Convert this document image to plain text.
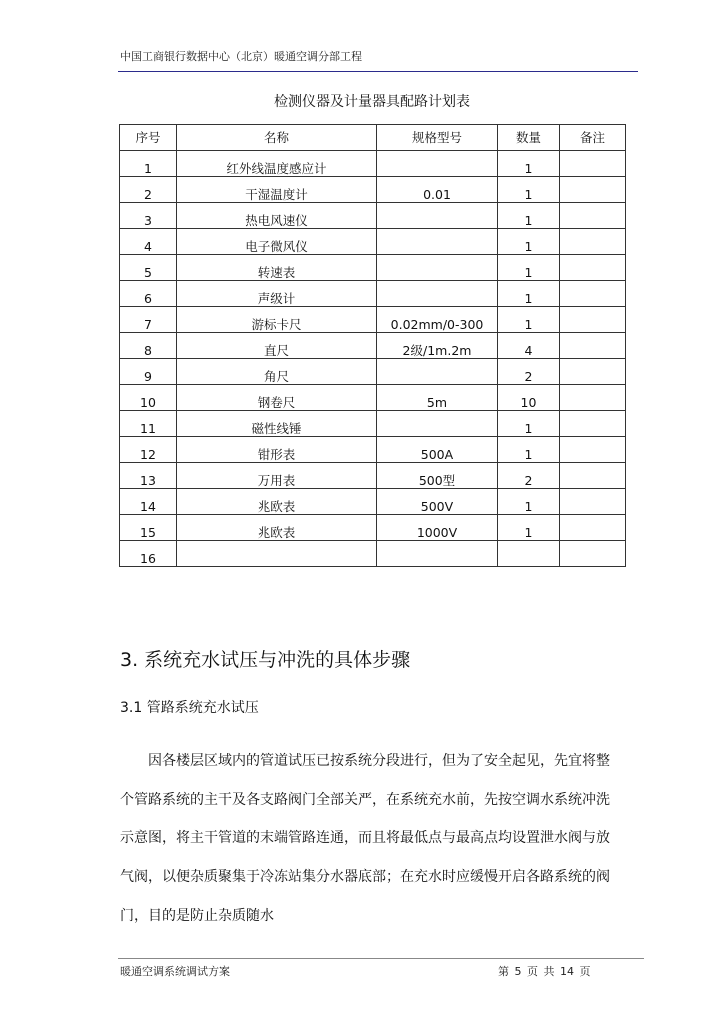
中国工商银行数据中心（北京）暖通空调分部工程
检测仪器及计量器具配路计划表
序号	名称	规格型号	数量	备注
1	红外线温度感应计		1	
2	干湿温度计	0.01	1	
3	热电风速仪		1	
4	电子微风仪		1	
5	转速表		1	
6	声级计		1	
7	游标卡尺	0.02mm/0-300	1	
8	直尺	2级/1m.2m	4	
9	角尺		2	
10	钢卷尺	5m	10	
11	磁性线锤		1	
12	钳形表	500A	1	
13	万用表	500型	2	
14	兆欧表	500V	1	
15	兆欧表	1000V	1	
16				
3. 系统充水试压与冲洗的具体步骤
3.1 管路系统充水试压
因各楼层区域内的管道试压已按系统分段进行，但为了安全起见，先宜将整个管路系统的主干及各支路阀门全部关严，在系统充水前，先按空调水系统冲洗示意图，将主干管道的末端管路连通，而且将最低点与最高点均设置泄水阀与放气阀，以便杂质聚集于冷冻站集分水器底部；在充水时应缓慢开启各路系统的阀门，目的是防止杂质随水
暖通空调系统调试方案	第 5 页 共 14 页
